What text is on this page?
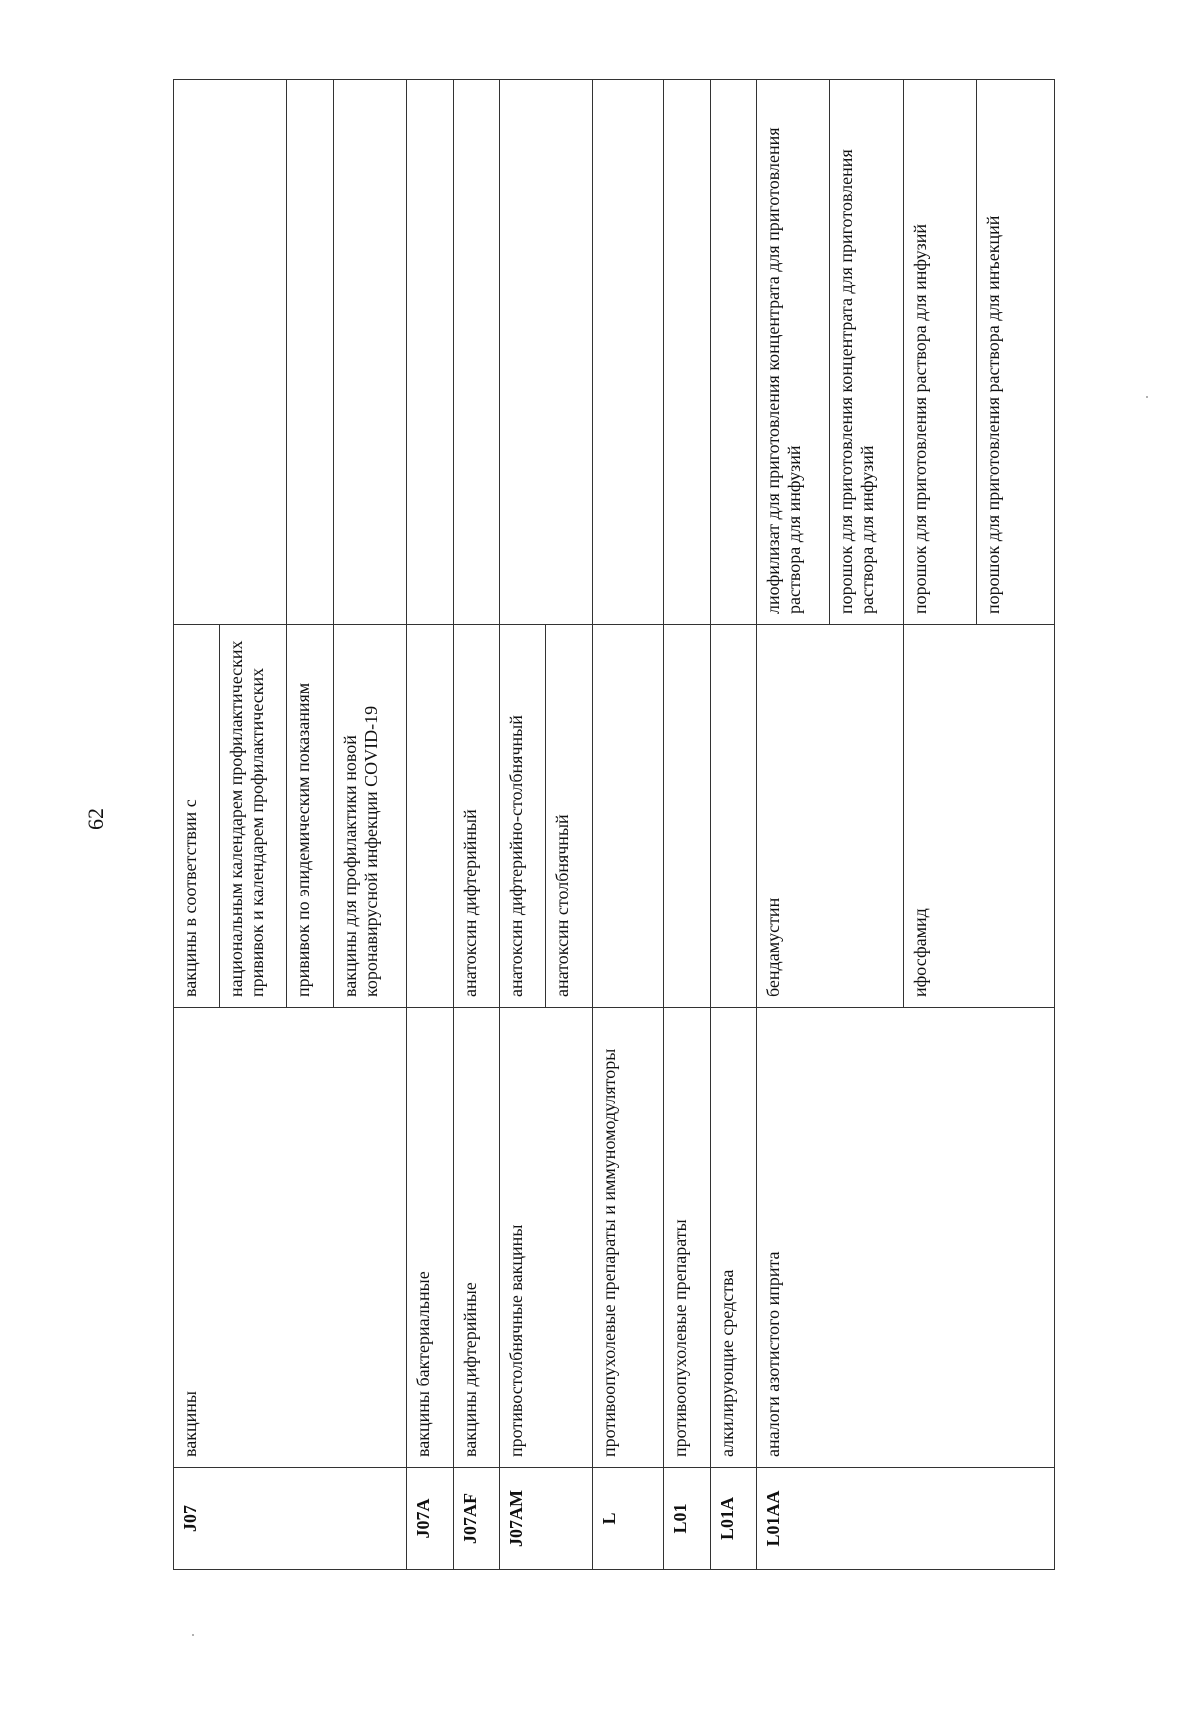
62
J07	вакцины	вакцины в соответствии с	
		национальным календарем профилактических прививок и календарем профилактических	
		прививок по эпидемическим показаниям	
		вакцины для профилактики новой коронавирусной инфекции COVID-19	
J07A	вакцины бактериальные		
J07AF	вакцины дифтерийные	анатоксин дифтерийный	
J07AM	противостолбнячные вакцины	анатоксин дифтерийно-столбнячный	
		анатоксин столбнячный	
L	противоопухолевые препараты и иммуномодуляторы		
L01	противоопухолевые препараты		
L01A	алкилирующие средства		
L01AA	аналоги азотистого иприта	бендамустин	лиофилизат для приготовления концентрата для приготовления раствора для инфузий
			порошок для приготовления концентрата для приготовления раствора для инфузий
		ифосфамид	порошок для приготовления раствора для инфузий
			порошок для приготовления раствора для инъекций
